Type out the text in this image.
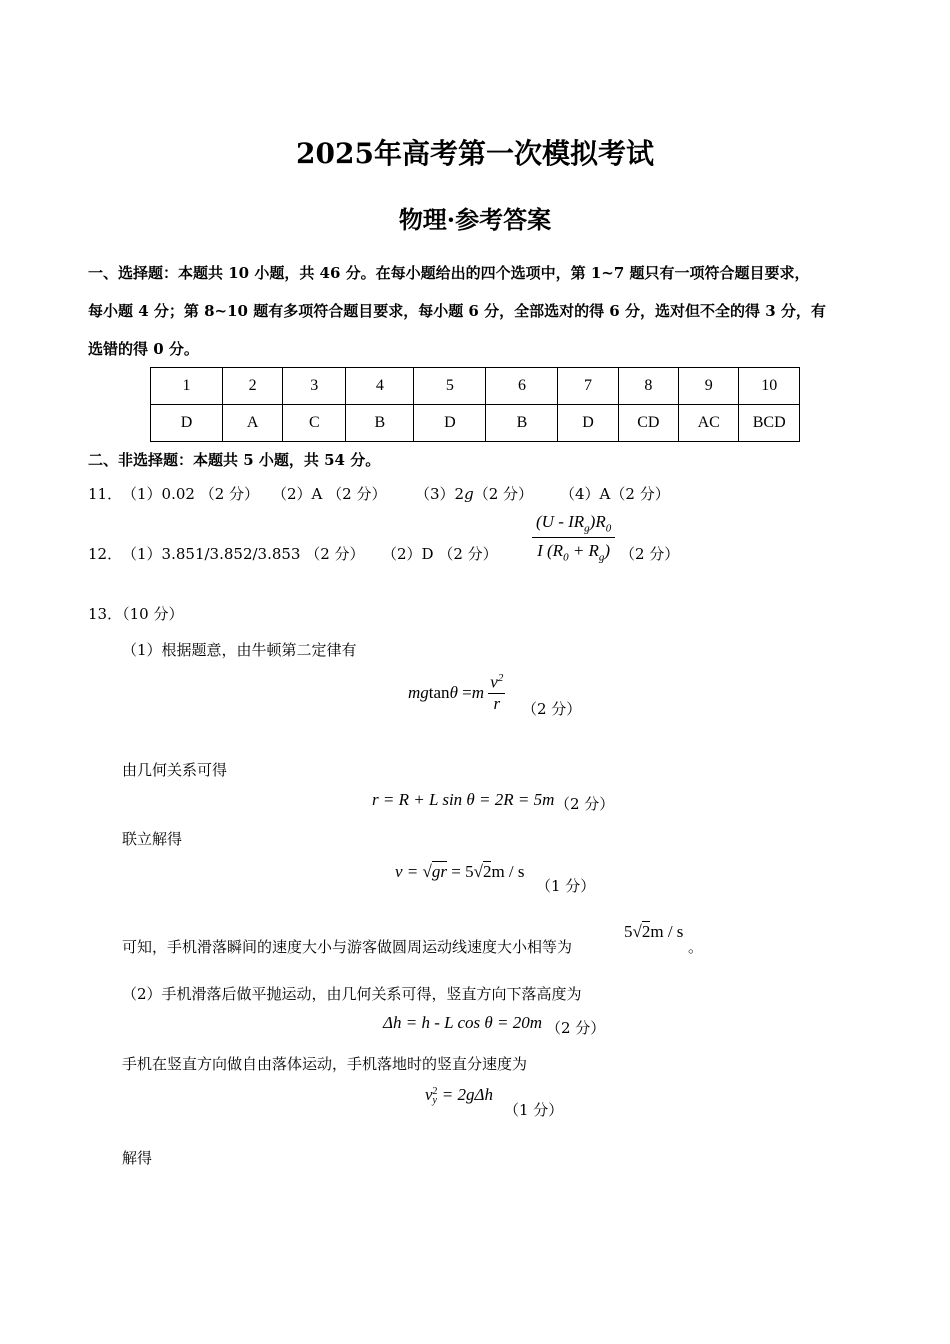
2025年高考第一次模拟考试
物理·参考答案
一、选择题：本题共 10 小题，共 46 分。在每小题给出的四个选项中，第 1~7 题只有一项符合题目要求，
每小题 4 分；第 8~10 题有多项符合题目要求，每小题 6 分，全部选对的得 6 分，选对但不全的得 3 分，有
选错的得 0 分。
1	2	3	4	5	6	7	8	9	10
D	A	C	B	D	B	D	CD	AC	BCD
二、非选择题：本题共 5 小题，共 54 分。
11． （1）0.02 （2 分） （2）A （2 分） （3）2g（2 分） （4）A（2 分）
12． （1）3.851/3.852/3.853 （2 分） （2）D （2 分） $\frac{(U - IR_g)R_0}{I (R_0 + R_g)} (2$ 分）
13．（10 分）
（1）根据题意，由牛顿第二定律有
$mgtan\theta =m \frac{v^2}{r} (2$ 分）
由几何关系可得
r = R + L sin θ = 2R = 5m （2 分）
联立解得
v = √gr = 5√2m / s
（1 分）
可知，手机滑落瞬间的速度大小与游客做圆周运动线速度大小相等为
5√2m / s
。
（2）手机滑落后做平抛运动，由几何关系可得，竖直方向下落高度为
Δh = h - L cos θ = 20m （2 分）
手机在竖直方向做自由落体运动，手机落地时的竖直分速度为
v 2
y = 2gΔh
（1 分）
解得
